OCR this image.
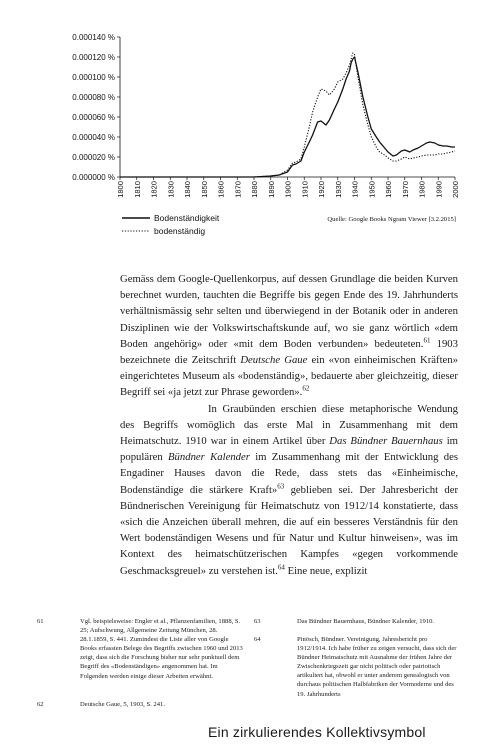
0.000000 %
0.000020 %
0.000040 %
0.000060 %
0.000080 %
0.000100 %
0.000120 %
0.000140 %
1800 1810 1820 1830 1840 1850 1860 1870 1880 1890 1900 1910 1920 1930 1940 1950 1960 1970 1980 1990 2000
Bodenständigkeit
bodenständig
Quelle: Google Books Ngram Viewer [3.2.2015]

Gemäss dem Google-Quellenkorpus, auf dessen Grundlage die beiden Kurven berechnet wurden, tauchten die Begriffe bis gegen Ende des 19. Jahrhunderts verhältnismässig sehr selten und überwiegend in der Botanik oder in anderen Disziplinen wie der Volkswirtschaftskunde auf, wo sie ganz wörtlich «dem Boden angehörig» oder «mit dem Boden verbunden» bedeuteten.$^{61}$ 1903 bezeichnete die Zeitschrift Deutsche Gaue ein «von einheimischen Kräften» eingerichtetes Museum als «bodenständig», bedauerte aber gleichzeitig, dieser Begriff sei «ja jetzt zur Phrase geworden».$^{62}$

In Graubünden erschien diese metaphorische Wendung des Begriffs womöglich das erste Mal in Zusammenhang mit dem Heimatschutz. 1910 war in einem Artikel über Das Bündner Bauernhaus im populären Bündner Kalender im Zusammenhang mit der Entwicklung des Engadiner Hauses davon die Rede, dass stets das «Einheimische, Bodenständige die stärkere Kraft»$^{63}$ geblieben sei. Der Jahresbericht der Bündnerischen Vereinigung für Heimatschutz von 1912/14 konstatierte, dass «sich die Anzeichen überall mehren, die auf ein besseres Verständnis für den Wert bodenständigen Wesens und für Natur und Kultur hinweisen», was im Kontext des heimatschützerischen Kampfes «gegen vorkommende Geschmacksgreuel» zu verstehen ist.$^{64}$ Eine neue, explizit

61	Vgl. beispielsweise: Engler et al., Pflanzenfamilien, 1888, S. 25; Aufschwung, Allgemeine Zeitung München, 28. 28.1.1859, S. 441. Zumindest die Liste aller von Google Books erfassten Belege des Begriffs zwischen 1960 und 2013 zeigt, dass sich die Forschung bisher nur sehr punktuell dem Begriff des «Bodenständigen» angenommen hat. Im Folgenden werden einige dieser Arbeiten erwähnt.
62	Deutsche Gaue, 5, 1903, S. 241.
63	Das Bündner Bauernhaus, Bündner Kalender, 1910.
64	Pinösch, Bündner. Vereinigung, Jahresbericht pro 1912/1914. Ich habe früher zu zeigen versucht, dass sich der Bündner Heimatschutz mit Ausnahme der frühen Jahre der Zwischenkriegszeit gar nicht politisch oder patriotisch artikuliert hat, obwohl er unter anderem genealogisch von durchaus politischen Halbfabriken der Vormoderne und des 19. Jahrhunderts
Ein zirkulierendes Kollektivsymbol
